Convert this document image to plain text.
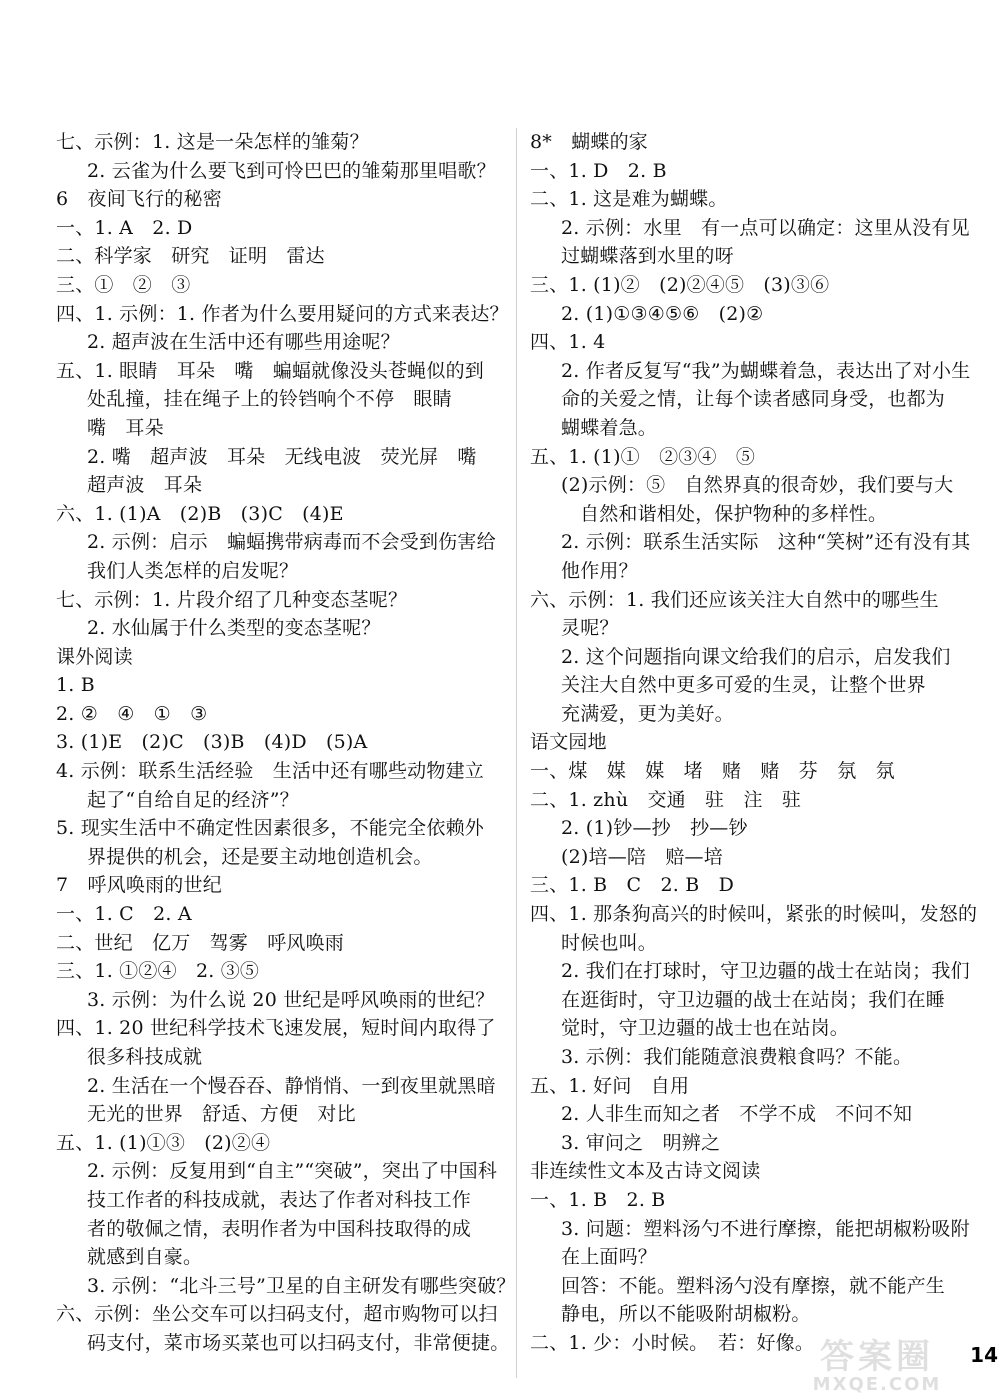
七、示例：1. 这是一朵怎样的雏菊？
2. 云雀为什么要飞到可怜巴巴的雏菊那里唱歌？
6　夜间飞行的秘密
一、1. A　2. D
二、科学家　研究　证明　雷达
三、①　②　③
四、1. 示例：1. 作者为什么要用疑问的方式来表达？
2. 超声波在生活中还有哪些用途呢？
五、1. 眼睛　耳朵　嘴　蝙蝠就像没头苍蝇似的到
处乱撞，挂在绳子上的铃铛响个不停　眼睛
嘴　耳朵
2. 嘴　超声波　耳朵　无线电波　荧光屏　嘴
超声波　耳朵
六、1. (1)A　(2)B　(3)C　(4)E
2. 示例：启示　蝙蝠携带病毒而不会受到伤害给
我们人类怎样的启发呢？
七、示例：1. 片段介绍了几种变态茎呢？
2. 水仙属于什么类型的变态茎呢？
课外阅读
1. B
2. ②　④　①　③
3. (1)E　(2)C　(3)B　(4)D　(5)A
4. 示例：联系生活经验　生活中还有哪些动物建立
起了“自给自足的经济”？
5. 现实生活中不确定性因素很多，不能完全依赖外
界提供的机会，还是要主动地创造机会。
7　呼风唤雨的世纪
一、1. C　2. A
二、世纪　亿万　驾雾　呼风唤雨
三、1. ①②④　2. ③⑤
3. 示例：为什么说 20 世纪是呼风唤雨的世纪？
四、1. 20 世纪科学技术飞速发展，短时间内取得了
很多科技成就
2. 生活在一个慢吞吞、静悄悄、一到夜里就黑暗
无光的世界　舒适、方便　对比
五、1. (1)①③　(2)②④
2. 示例：反复用到“自主”“突破”，突出了中国科
技工作者的科技成就，表达了作者对科技工作
者的敬佩之情，表明作者为中国科技取得的成
就感到自豪。
3. 示例：“北斗三号”卫星的自主研发有哪些突破？
六、示例：坐公交车可以扫码支付，超市购物可以扫
码支付，菜市场买菜也可以扫码支付，非常便捷。
8*　蝴蝶的家
一、1. D　2. B
二、1. 这是难为蝴蝶。
2. 示例：水里　有一点可以确定：这里从没有见
过蝴蝶落到水里的呀
三、1. (1)②　(2)②④⑤　(3)③⑥
2. (1)①③④⑤⑥　(2)②
四、1. 4
2. 作者反复写“我”为蝴蝶着急，表达出了对小生
命的关爱之情，让每个读者感同身受，也都为
蝴蝶着急。
五、1. (1)①　②③④　⑤
(2)示例：⑤　自然界真的很奇妙，我们要与大
自然和谐相处，保护物种的多样性。
2. 示例：联系生活实际　这种“笑树”还有没有其
他作用？
六、示例：1. 我们还应该关注大自然中的哪些生
灵呢？
2. 这个问题指向课文给我们的启示，启发我们
关注大自然中更多可爱的生灵，让整个世界
充满爱，更为美好。
语文园地
一、煤　媒　媒　堵　赌　赌　芬　氛　氛
二、1. zhù　交通　驻　注　驻
2. (1)钞—抄　抄—钞
(2)培—陪　赔—培
三、1. B　C　2. B　D
四、1. 那条狗高兴的时候叫，紧张的时候叫，发怒的
时候也叫。
2. 我们在打球时，守卫边疆的战士在站岗；我们
在逛街时，守卫边疆的战士在站岗；我们在睡
觉时，守卫边疆的战士也在站岗。
3. 示例：我们能随意浪费粮食吗？不能。
五、1. 好问　自用
2. 人非生而知之者　不学不成　不问不知
3. 审问之　明辨之
非连续性文本及古诗文阅读
一、1. B　2. B
3. 问题：塑料汤勺不进行摩擦，能把胡椒粉吸附
在上面吗？
回答：不能。塑料汤勺没有摩擦，就不能产生
静电，所以不能吸附胡椒粉。
二、1. 少：小时候。　若：好像。 答案圈
MXQE.COM
14
